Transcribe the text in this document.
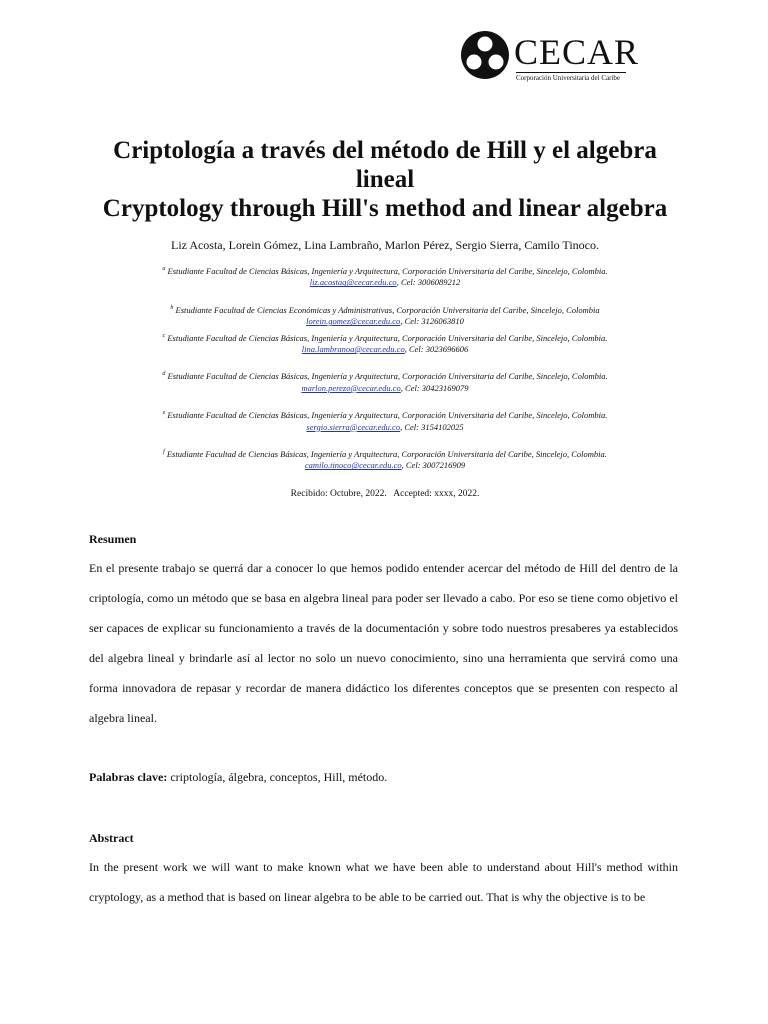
CECAR
Corporación Universitaria del Caribe
Criptología a través del método de Hill y el algebra
lineal
Cryptology through Hill's method and linear algebra
Liz Acosta, Lorein Gómez, Lina Lambraño, Marlon Pérez, Sergio Sierra, Camilo Tinoco.
$^a$ Estudiante Facultad de Ciencias Básicas, Ingeniería y Arquitectura, Corporación Universitaria del Caribe, Sincelejo, Colombia.
liz.acostag@cecar.edu.co, Cel: 3006089212
$^b$ Estudiante Facultad de Ciencias Económicas y Administrativas, Corporación Universitaria del Caribe, Sincelejo, Colombia
lorein.gomez@cecar.edu.co, Cel: 3126063810
$^c$ Estudiante Facultad de Ciencias Básicas, Ingeniería y Arquitectura, Corporación Universitaria del Caribe, Sincelejo, Colombia.
lina.lambranoa@cecar.edu.co, Cel: 3023696606
$^d$ Estudiante Facultad de Ciencias Básicas, Ingeniería y Arquitectura, Corporación Universitaria del Caribe, Sincelejo, Colombia.
marlon.perezo@cecar.edu.co, Cel: 30423169079
$^e$ Estudiante Facultad de Ciencias Básicas, Ingeniería y Arquitectura, Corporación Universitaria del Caribe, Sincelejo, Colombia.
sergio.sierra@cecar.edu.co, Cel: 3154102025
$^f$ Estudiante Facultad de Ciencias Básicas, Ingeniería y Arquitectura, Corporación Universitaria del Caribe, Sincelejo, Colombia.
camilo.tinoco@cecar.edu.co, Cel: 3007216909
Recibido: Octubre, 2022.   Accepted: xxxx, 2022.
Resumen
En el presente trabajo se querrá dar a conocer lo que hemos podido entender acercar del método de Hill del dentro de la criptología, como un método que se basa en algebra lineal para poder ser llevado a cabo. Por eso se tiene como objetivo el ser capaces de explicar su funcionamiento a través de la documentación y sobre todo nuestros presaberes ya establecidos del algebra lineal y brindarle así al lector no solo un nuevo conocimiento, sino una herramienta que servirá como una forma innovadora de repasar y recordar de manera didáctico los diferentes conceptos que se presenten con respecto al algebra lineal.
Palabras clave: criptología, álgebra, conceptos, Hill, método.
Abstract
In the present work we will want to make known what we have been able to understand about Hill's method within cryptology, as a method that is based on linear algebra to be able to be carried out. That is why the objective is to be
